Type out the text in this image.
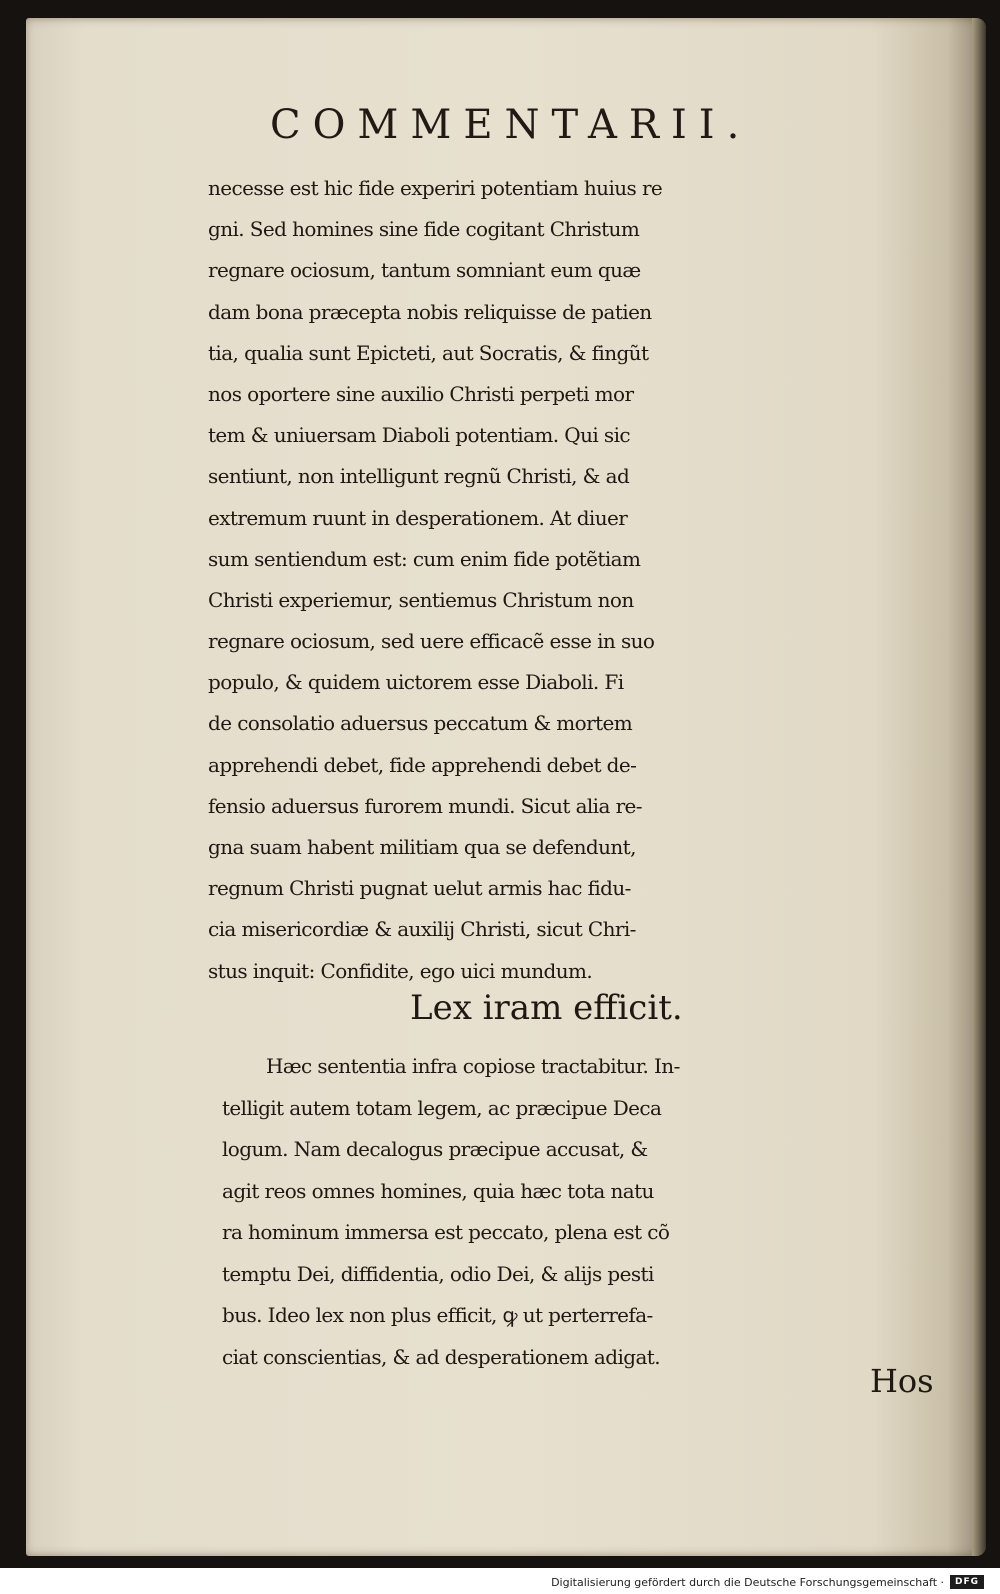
COMMENTARII.
necesse est hic fide experiri potentiam huius re
gni. Sed homines sine fide cogitant Christum
regnare ociosum, tantum somniant eum quæ
dam bona præcepta nobis reliquisse de patien
tia, qualia sunt Epicteti, aut Socratis, & fingũt
nos oportere sine auxilio Christi perpeti mor
tem & uniuersam Diaboli potentiam. Qui sic
sentiunt, non intelligunt regnũ Christi, & ad
extremum ruunt in desperationem. At diuer
sum sentiendum est: cum enim fide potẽtiam
Christi experiemur, sentiemus Christum non
regnare ociosum, sed uere efficacẽ esse in suo
populo, & quidem uictorem esse Diaboli. Fi
de consolatio aduersus peccatum & mortem
apprehendi debet, fide apprehendi debet de-
fensio aduersus furorem mundi. Sicut alia re-
gna suam habent militiam qua se defendunt,
regnum Christi pugnat uelut armis hac fidu-
cia misericordiæ & auxilij Christi, sicut Chri-
stus inquit: Confidite, ego uici mundum.
Lex iram efficit.
Hæc sententia infra copiose tractabitur. In-
telligit autem totam legem, ac præcipue Deca
logum. Nam decalogus præcipue accusat, &
agit reos omnes homines, quia hæc tota natu
ra hominum immersa est peccato, plena est cõ
temptu Dei, diffidentia, odio Dei, & alijs pesti
bus. Ideo lex non plus efficit, ꝙ ut perterrefa-
ciat conscientias, & ad desperationem adigat.
Hos
Digitalisierung gefördert durch die Deutsche Forschungsgemeinschaft ·	DFG
